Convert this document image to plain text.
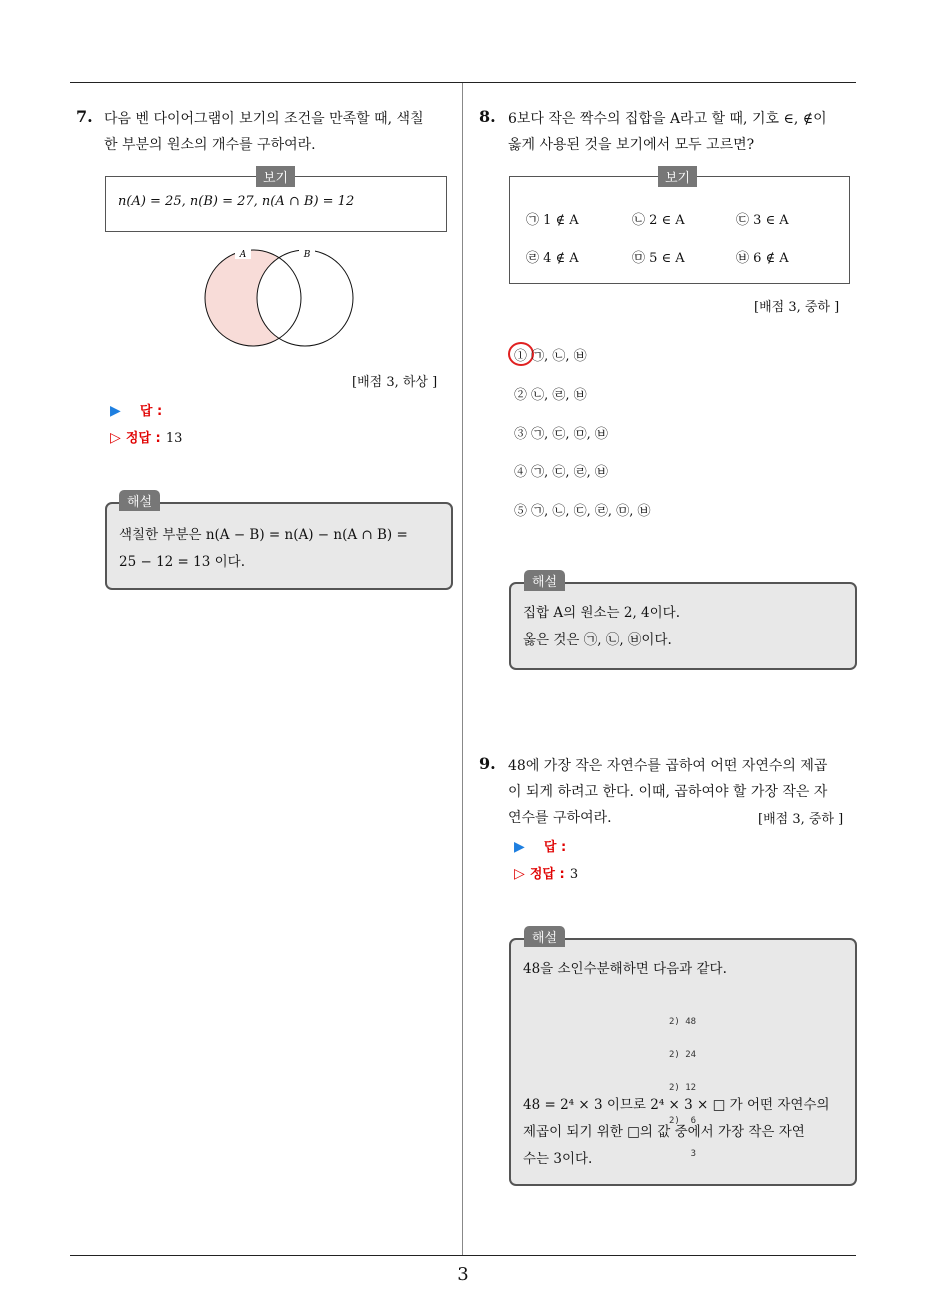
3
7. 다음 벤 다이어그램이 보기의 조건을 만족할 때, 색칠
한 부분의 원소의 개수를 구하여라.
n(A) = 25, n(B) = 27, n(A ∩ B) = 12
보기
A	B
[배점 3, 하상 ]
▶ 답 :
▷ 정답 : 13
색칠한 부분은 n(A − B) = n(A) − n(A ∩ B) =
25 − 12 = 13 이다.
해설
8. 6보다 작은 짝수의 집합을 A라고 할 때, 기호 ∈, ∉이
옳게 사용된 것을 보기에서 모두 고르면?
㉠ 1 ∉ A	㉡ 2 ∈ A	㉢ 3 ∈ A
㉣ 4 ∉ A	㉤ 5 ∈ A	㉥ 6 ∉ A
보기
[배점 3, 중하 ]
① ㉠, ㉡, ㉥
② ㉡, ㉣, ㉥
③ ㉠, ㉢, ㉤, ㉥
④ ㉠, ㉢, ㉣, ㉥
⑤ ㉠, ㉡, ㉢, ㉣, ㉤, ㉥
집합 A의 원소는 2, 4이다.
옳은 것은 ㉠, ㉡, ㉥이다.
해설
9. 48에 가장 작은 자연수를 곱하여 어떤 자연수의 제곱
이 되게 하려고 한다. 이때, 곱하여야 할 가장 작은 자
연수를 구하여라.	[배점 3, 중하 ]
▶ 답 :
▷ 정답 : 3
48을 소인수분해하면 다음과 같다.

2) 48

2) 24

2) 12

2)  6

3

48 = 2⁴ × 3 이므로 2⁴ × 3 × □ 가 어떤 자연수의
제곱이 되기 위한 □의 값 중에서 가장 작은 자연
수는 3이다.
해설
